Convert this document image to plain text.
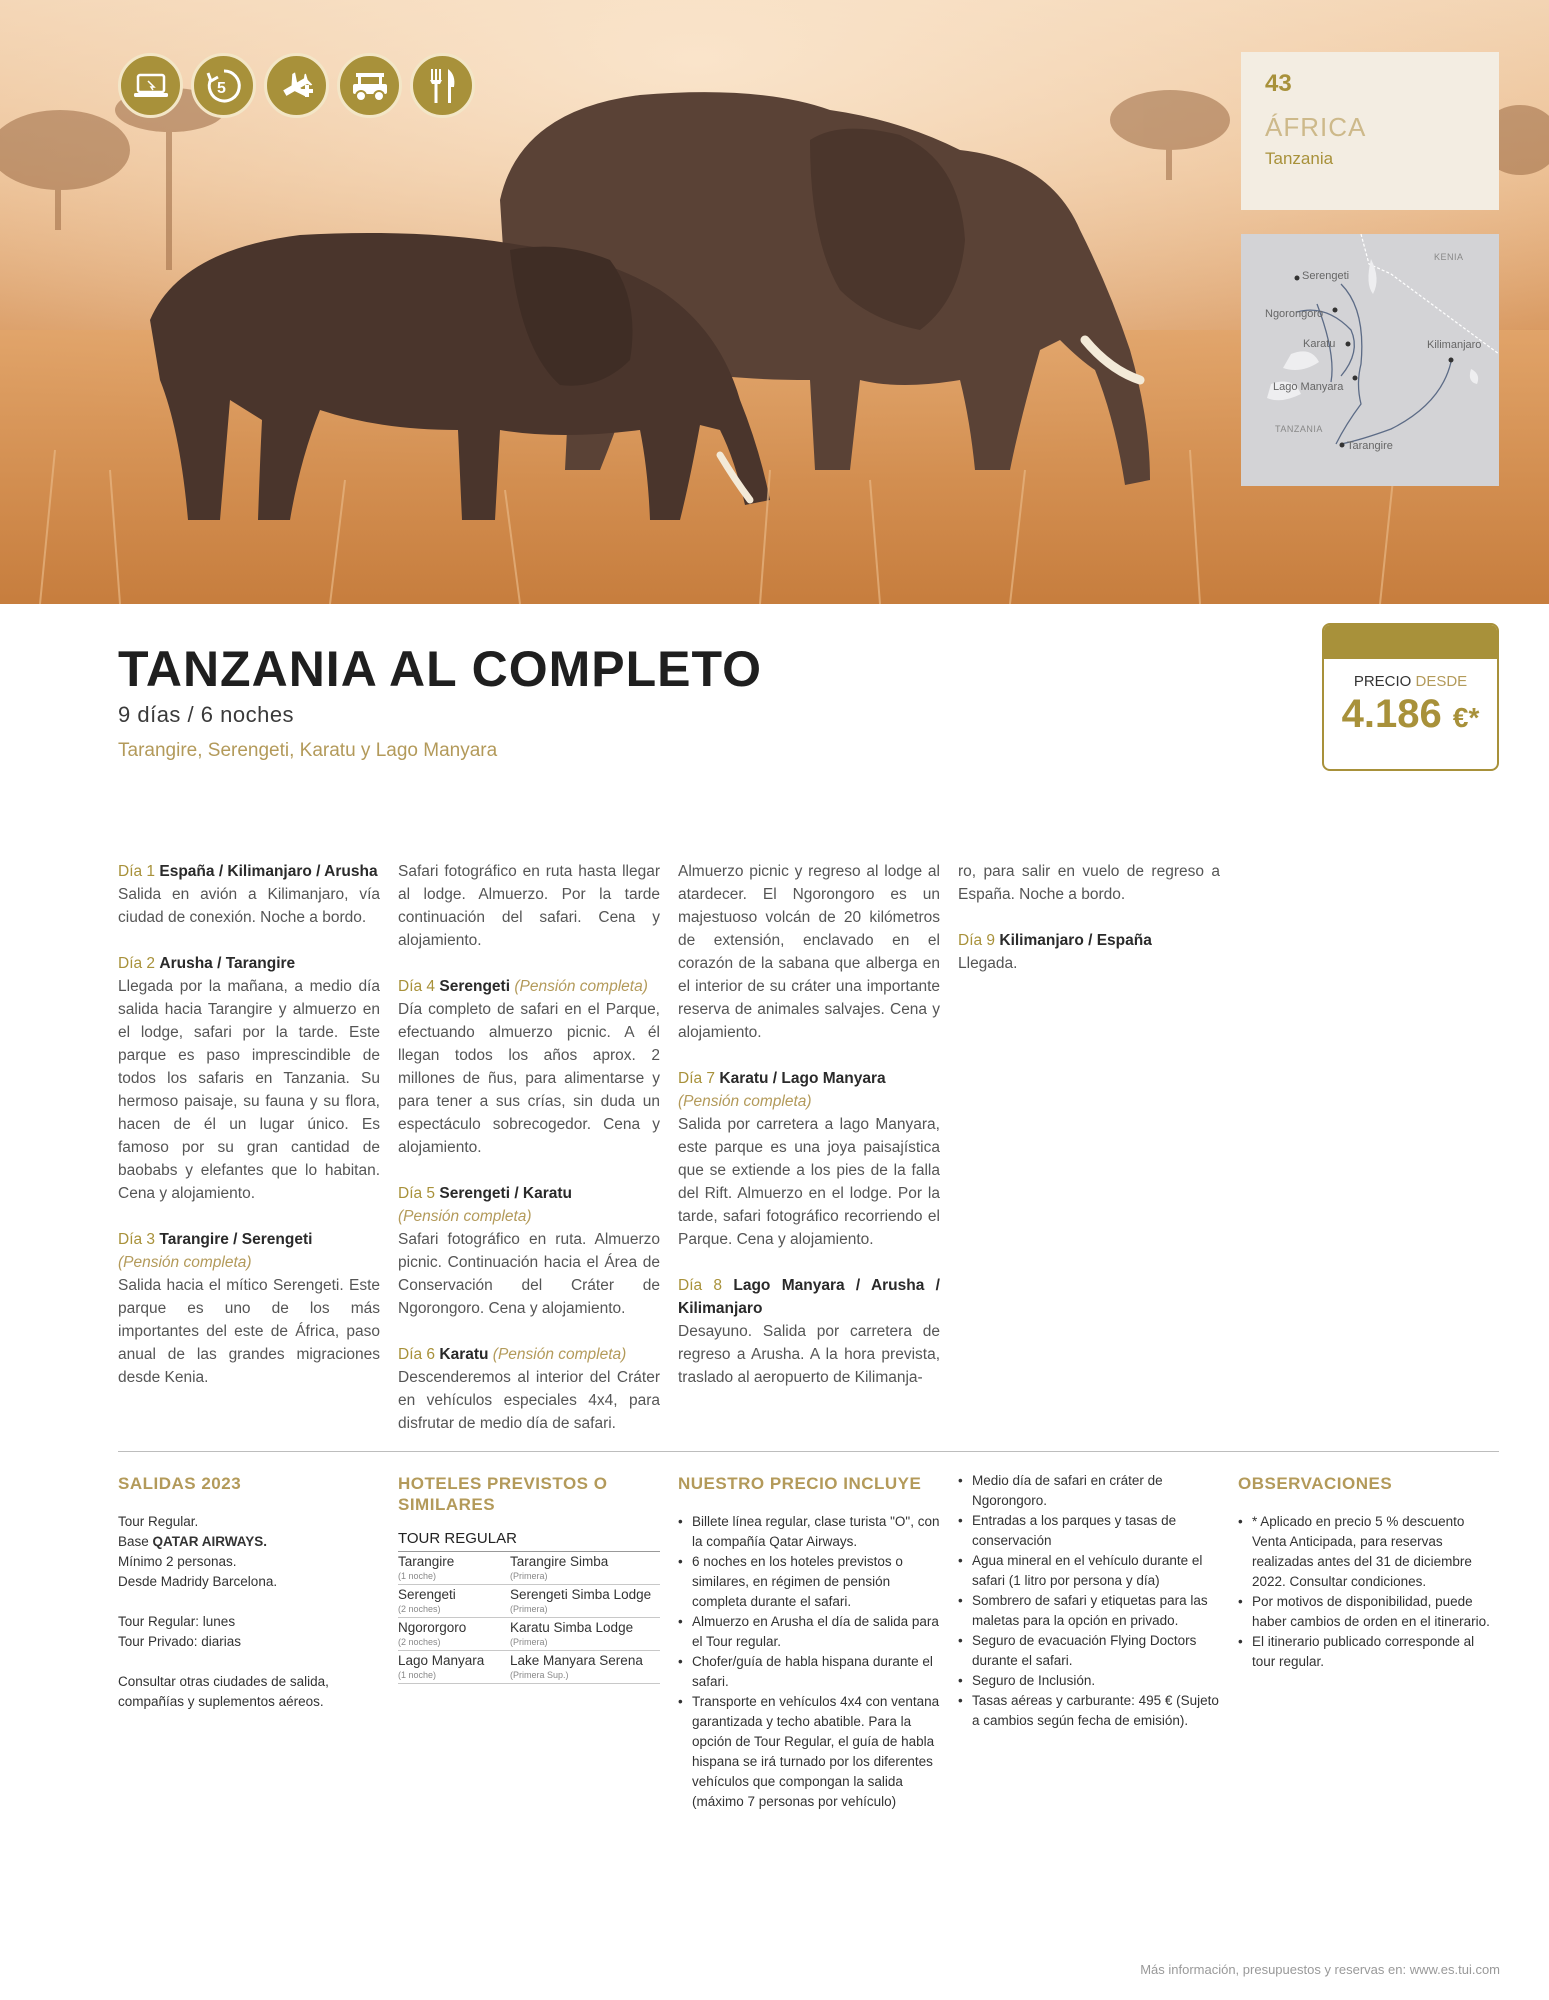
5	43
ÁFRICA
Tanzania
KENIA
TANZANIA
Serengeti
Ngorongoro
Karatu
Lago Manyara
Kilimanjaro
Tarangire
TANZANIA AL COMPLETO
9 días / 6 noches
Tarangire, Serengeti, Karatu y Lago Manyara
PRECIO DESDE
4.186 €*
Día 1 España / Kilimanjaro / Arusha

Salida en avión a Kilimanjaro, vía ciudad de conexión. Noche a bordo.

Día 2 Arusha / Tarangire

Llegada por la mañana, a medio día salida hacia Tarangire y almuerzo en el lodge, safari por la tarde. Este parque es paso imprescindible de todos los safaris en Tanzania. Su hermoso paisaje, su fauna y su flora, hacen de él un lugar único. Es famoso por su gran cantidad de baobabs y elefantes que lo habitan. Cena y alojamiento.

Día 3 Tarangire / Serengeti
(Pensión completa)

Salida hacia el mítico Serengeti. Este parque es uno de los más importantes del este de África, paso anual de las grandes migraciones desde Kenia.

Safari fotográfico en ruta hasta llegar al lodge. Almuerzo. Por la tarde continuación del safari. Cena y alojamiento.

Día 4 Serengeti (Pensión completa)

Día completo de safari en el Parque, efectuando almuerzo picnic. A él llegan todos los años aprox. 2 millones de ñus, para alimentarse y para tener a sus crías, sin duda un espectáculo sobrecogedor. Cena y alojamiento.

Día 5 Serengeti / Karatu
(Pensión completa)

Safari fotográfico en ruta. Almuerzo picnic. Continuación hacia el Área de Conservación del Cráter de Ngorongoro. Cena y alojamiento.

Día 6 Karatu (Pensión completa)

Descenderemos al interior del Cráter en vehículos especiales 4x4, para disfrutar de medio día de safari.

Almuerzo picnic y regreso al lodge al atardecer. El Ngorongoro es un majestuoso volcán de 20 kilómetros de extensión, enclavado en el corazón de la sabana que alberga en el interior de su cráter una importante reserva de animales salvajes. Cena y alojamiento.

Día 7 Karatu / Lago Manyara
(Pensión completa)

Salida por carretera a lago Manyara, este parque es una joya paisajística que se extiende a los pies de la falla del Rift. Almuerzo en el lodge. Por la tarde, safari fotográfico recorriendo el Parque. Cena y alojamiento.

Día 8 Lago Manyara / Arusha / Kilimanjaro

Desayuno. Salida por carretera de regreso a Arusha. A la hora prevista, traslado al aeropuerto de Kilimanja-

ro, para salir en vuelo de regreso a España. Noche a bordo.

Día 9 Kilimanjaro / España

Llegada.

SALIDAS 2023
Tour Regular.
Base QATAR AIRWAYS.
Mínimo 2 personas.
Desde Madridy Barcelona.
Tour Regular: lunes
Tour Privado: diarias
Consultar otras ciudades de salida, compañías y suplementos aéreos.
HOTELES PREVISTOS O SIMILARES
TOUR REGULAR
Tarangire
(1 noche)
Tarangire Simba
(Primera)
Serengeti
(2 noches)
Serengeti Simba Lodge
(Primera)
Ngororgoro
(2 noches)
Karatu Simba Lodge
(Primera)
Lago Manyara
(1 noche)
Lake Manyara Serena
(Primera Sup.)
NUESTRO PRECIO INCLUYE
• Billete línea regular, clase turista "O", con la compañía Qatar Airways.
• 6 noches en los hoteles previstos o similares, en régimen de pensión completa durante el safari.
• Almuerzo en Arusha el día de salida para el Tour regular.
• Chofer/guía de habla hispana durante el safari.
• Transporte en vehículos 4x4 con ventana garantizada y techo abatible. Para la opción de Tour Regular, el guía de habla hispana se irá turnado por los diferentes vehículos que compongan la salida (máximo 7 personas por vehículo)
• Medio día de safari en cráter de Ngorongoro.
• Entradas a los parques y tasas de conservación
• Agua mineral en el vehículo durante el safari (1 litro por persona y día)
• Sombrero de safari y etiquetas para las maletas para la opción en privado.
• Seguro de evacuación Flying Doctors durante el safari.
• Seguro de Inclusión.
• Tasas aéreas y carburante: 495 € (Sujeto a cambios según fecha de emisión).
OBSERVACIONES
• * Aplicado en precio 5 % descuento Venta Anticipada, para reservas realizadas antes del 31 de diciembre 2022. Consultar condiciones.
• Por motivos de disponibilidad, puede haber cambios de orden en el itinerario.
• El itinerario publicado corresponde al tour regular.
Más información, presupuestos y reservas en: www.es.tui.com
